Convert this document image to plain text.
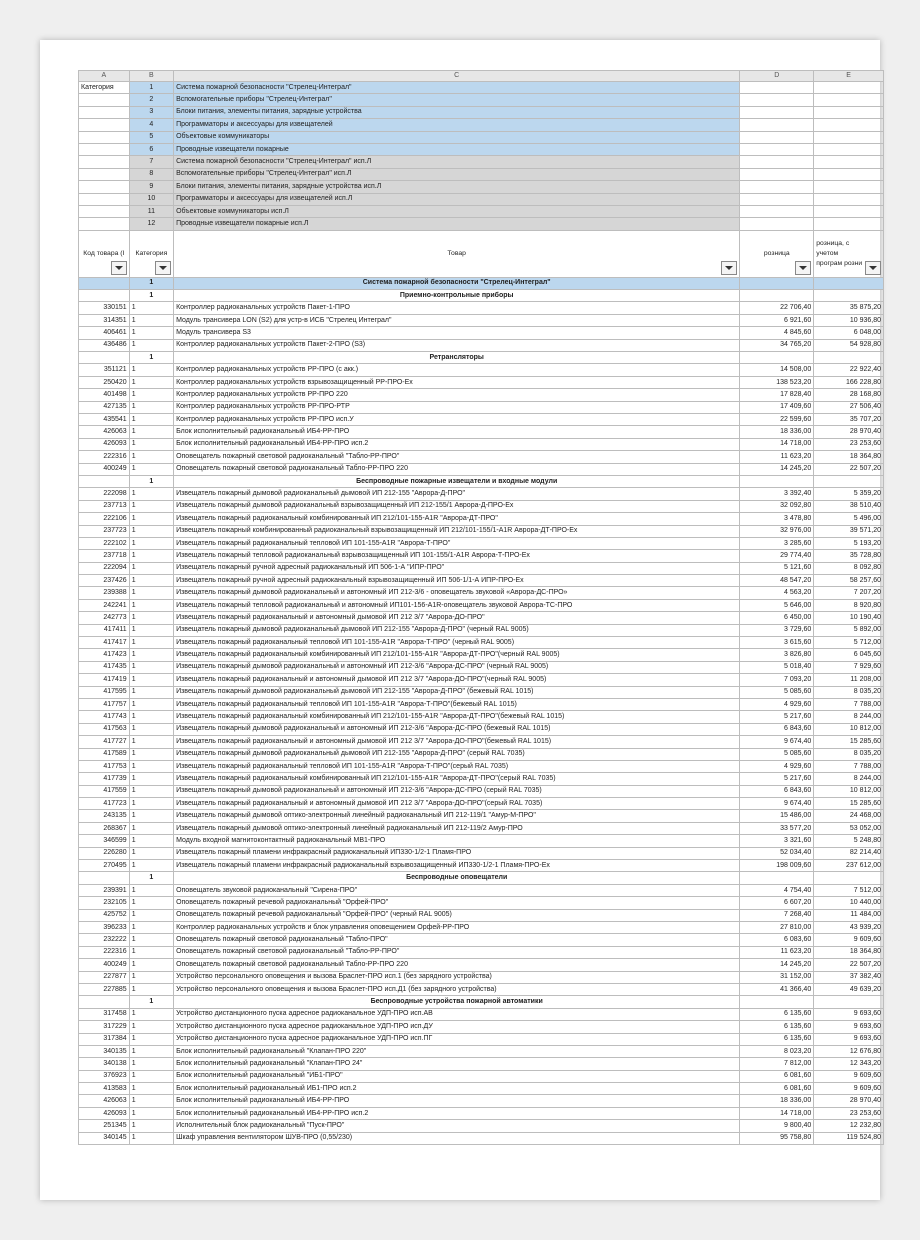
A	B	C	D	E
Категория	1	Система пожарной безопасности "Стрелец-Интеграл"		
	2	Вспомогательные приборы "Стрелец-Интеграл"		
	3	Блоки питания, элементы питания, зарядные устройства		
	4	Программаторы и аксессуары для извещателей		
	5	Объектовые коммуникаторы		
	6	Проводные извещатели пожарные		
	7	Система пожарной безопасности "Стрелец-Интеграл" исп.Л		
	8	Вспомогательные приборы "Стрелец-Интеграл" исп.Л		
	9	Блоки питания, элементы питания, зарядные устройства исп.Л		
	10	Программаторы и аксессуары для извещателей исп.Л		
	11	Объектовые коммуникаторы исп.Л		
	12	Проводные извещатели пожарные исп.Л		

Код товара (I	Категория	Товар	розница	розница, с учетом програм розни

	1	Система пожарной безопасности "Стрелец-Интеграл"		
	1	Приемно-контрольные приборы		
330151	1	Контроллер радиоканальных устройств Пакет-1-ПРО	22 706,40	35 875,20
314351	1	Модуль трансивера LON (S2) для устр-в ИСБ "Стрелец Интеграл"	6 921,60	10 936,80
406461	1	Модуль трансивера S3	4 845,60	6 048,00
436486	1	Контроллер радиоканальных устройств Пакет-2-ПРО (S3)	34 765,20	54 928,80
	1	Ретрансляторы		
351121	1	Контроллер радиоканальных устройств РР-ПРО (с акк.)	14 508,00	22 922,40
250420	1	Контроллер радиоканальных устройств взрывозащищенный РР-ПРО-Ех	138 523,20	166 228,80
401498	1	Контроллер радиоканальных устройств РР-ПРО 220	17 828,40	28 168,80
427135	1	Контроллер радиоканальных устройств РР-ПРО-РТР	17 409,60	27 506,40
435541	1	Контроллер радиоканальных устройств РР-ПРО исп.У	22 599,60	35 707,20
426063	1	Блок исполнительный радиоканальный ИБ4-РР-ПРО	18 336,00	28 970,40
426093	1	Блок исполнительный радиоканальный ИБ4-РР-ПРО исп.2	14 718,00	23 253,60
222316	1	Оповещатель пожарный световой радиоканальный "Табло-РР-ПРО"	11 623,20	18 364,80
400249	1	Оповещатель пожарный световой радиоканальный Табло-РР-ПРО 220	14 245,20	22 507,20
	1	Беспроводные пожарные извещатели и входные модули		
222098	1	Извещатель пожарный дымовой радиоканальный дымовой ИП 212-155 "Аврора-Д-ПРО"	3 392,40	5 359,20
237713	1	Извещатель пожарный дымовой радиоканальный взрывозащищенный ИП 212-155/1 Аврора-Д-ПРО-Ех	32 092,80	38 510,40
222106	1	Извещатель пожарный радиоканальный комбинированный ИП 212/101-155-А1R "Аврора-ДТ-ПРО"	3 478,80	5 496,00
237723	1	Извещатель пожарный комбинированный радиоканальный взрывозащищенный ИП 212/101-155/1-А1R Аврора-ДТ-ПРО-Ех	32 976,00	39 571,20
222102	1	Извещатель пожарный радиоканальный тепловой ИП 101-155-А1R "Аврора-Т-ПРО"	3 285,60	5 193,20
237718	1	Извещатель пожарный тепловой радиоканальный взрывозащищенный ИП 101-155/1-А1R Аврора-Т-ПРО-Ех	29 774,40	35 728,80
222094	1	Извещатель пожарный ручной адресный радиоканальный ИП 506-1-А "ИПР-ПРО"	5 121,60	8 092,80
237426	1	Извещатель пожарный ручной адресный радиоканальный взрывозащищенный ИП 506-1/1-А ИПР-ПРО-Ех	48 547,20	58 257,60
239388	1	Извещатель пожарный дымовой радиоканальный и автономный ИП 212-3/6 - оповещатель звуковой «Аврора-ДС-ПРО»	4 563,20	7 207,20
242241	1	Извещатель пожарный тепловой радиоканальный и автономный ИП101-156-А1R-оповещатель звуковой Аврора-ТС-ПРО	5 646,00	8 920,80
242773	1	Извещатель пожарный радиоканальный и автономный дымовой ИП 212 3/7 "Аврора-ДО-ПРО"	6 450,00	10 190,40
417411	1	Извещатель пожарный дымовой радиоканальный дымовой ИП 212-155 "Аврора-Д-ПРО" (черный RAL 9005)	3 729,60	5 892,00
417417	1	Извещатель пожарный радиоканальный тепловой ИП 101-155-А1R "Аврора-Т-ПРО" (черный RAL 9005)	3 615,60	5 712,00
417423	1	Извещатель пожарный радиоканальный комбинированный ИП 212/101-155-А1R "Аврора-ДТ-ПРО"(черный RAL 9005)	3 826,80	6 045,60
417435	1	Извещатель пожарный дымовой радиоканальный и автономный ИП 212-3/6 "Аврора-ДС-ПРО" (черный RAL 9005)	5 018,40	7 929,60
417419	1	Извещатель пожарный радиоканальный и автономный дымовой ИП 212 3/7 "Аврора-ДО-ПРО"(черный RAL 9005)	7 093,20	11 208,00
417595	1	Извещатель пожарный дымовой радиоканальный дымовой ИП 212-155 "Аврора-Д-ПРО" (бежевый RAL 1015)	5 085,60	8 035,20
417757	1	Извещатель пожарный радиоканальный тепловой ИП 101-155-А1R "Аврора-Т-ПРО"(бежевый RAL 1015)	4 929,60	7 788,00
417743	1	Извещатель пожарный радиоканальный комбинированный ИП 212/101-155-А1R "Аврора-ДТ-ПРО"(бежевый RAL 1015)	5 217,60	8 244,00
417563	1	Извещатель пожарный дымовой радиоканальный и автономный ИП 212-3/6 "Аврора-ДС-ПРО (бежевый RAL 1015)	6 843,60	10 812,00
417727	1	Извещатель пожарный радиоканальный и автономный дымовой ИП 212 3/7 "Аврора-ДО-ПРО"(бежевый RAL 1015)	9 674,40	15 285,60
417589	1	Извещатель пожарный дымовой радиоканальный дымовой ИП 212-155 "Аврора-Д-ПРО" (серый RAL 7035)	5 085,60	8 035,20
417753	1	Извещатель пожарный радиоканальный тепловой ИП 101-155-А1R "Аврора-Т-ПРО"(серый RAL 7035)	4 929,60	7 788,00
417739	1	Извещатель пожарный радиоканальный комбинированный ИП 212/101-155-А1R "Аврора-ДТ-ПРО"(серый RAL 7035)	5 217,60	8 244,00
417559	1	Извещатель пожарный дымовой радиоканальный и автономный ИП 212-3/6 "Аврора-ДС-ПРО (серый RAL 7035)	6 843,60	10 812,00
417723	1	Извещатель пожарный радиоканальный и автономный дымовой ИП 212 3/7 "Аврора-ДО-ПРО"(серый RAL 7035)	9 674,40	15 285,60
243135	1	Извещатель пожарный дымовой оптико-электронный линейный радиоканальный ИП 212-119/1 "Амур-М-ПРО"	15 486,00	24 468,00
268367	1	Извещатель пожарный дымовой оптико-электронный линейный радиоканальный ИП 212-119/2 Амур-ПРО	33 577,20	53 052,00
346599	1	Модуль входной магнитоконтактный радиоканальный МВ1-ПРО	3 321,60	5 248,80
226280	1	Извещатель пожарный пламени инфракрасный радиоканальный ИП330-1/2-1 Пламя-ПРО	52 034,40	82 214,40
270495	1	Извещатель пожарный пламени инфракрасный радиоканальный взрывозащищенный ИП330-1/2-1 Пламя-ПРО-Ех	198 009,60	237 612,00
	1	Беспроводные оповещатели		
239391	1	Оповещатель звуковой радиоканальный "Сирена-ПРО"	4 754,40	7 512,00
232105	1	Оповещатель пожарный речевой радиоканальный "Орфей-ПРО"	6 607,20	10 440,00
425752	1	Оповещатель пожарный речевой радиоканальный "Орфей-ПРО" (черный RAL 9005)	7 268,40	11 484,00
396233	1	Контроллер радиоканальных устройств и блок управления оповещением Орфей-РР-ПРО	27 810,00	43 939,20
232222	1	Оповещатель пожарный световой радиоканальный "Табло-ПРО"	6 083,60	9 609,60
222316	1	Оповещатель пожарный световой радиоканальный "Табло-РР-ПРО"	11 623,20	18 364,80
400249	1	Оповещатель пожарный световой радиоканальный Табло-РР-ПРО 220	14 245,20	22 507,20
227877	1	Устройство персонального оповещения и вызова Браслет-ПРО исп.1 (без зарядного устройства)	31 152,00	37 382,40
227885	1	Устройство персонального оповещения и вызова Браслет-ПРО исп.Д1 (без зарядного устройства)	41 366,40	49 639,20
	1	Беспроводные устройства пожарной автоматики		
317458	1	Устройство дистанционного пуска адресное радиоканальное УДП-ПРО исп.АВ	6 135,60	9 693,60
317229	1	Устройство дистанционного пуска адресное радиоканальное УДП-ПРО исп.ДУ	6 135,60	9 693,60
317384	1	Устройство дистанционного пуска адресное радиоканальное УДП-ПРО исп.ПГ	6 135,60	9 693,60
340135	1	Блок исполнительный радиоканальный "Клапан-ПРО 220"	8 023,20	12 676,80
340138	1	Блок исполнительный радиоканальный "Клапан-ПРО 24"	7 812,00	12 343,20
376923	1	Блок исполнительный радиоканальный "ИБ1-ПРО"	6 081,60	9 609,60
413583	1	Блок исполнительный радиоканальный ИБ1-ПРО исп.2	6 081,60	9 609,60
426063	1	Блок исполнительный радиоканальный ИБ4-РР-ПРО	18 336,00	28 970,40
426093	1	Блок исполнительный радиоканальный ИБ4-РР-ПРО исп.2	14 718,00	23 253,60
251345	1	Исполнительный блок радиоканальный "Пуск-ПРО"	9 800,40	12 232,80
340145	1	Шкаф управления вентилятором ШУВ-ПРО (0,55/230)	95 758,80	119 524,80
